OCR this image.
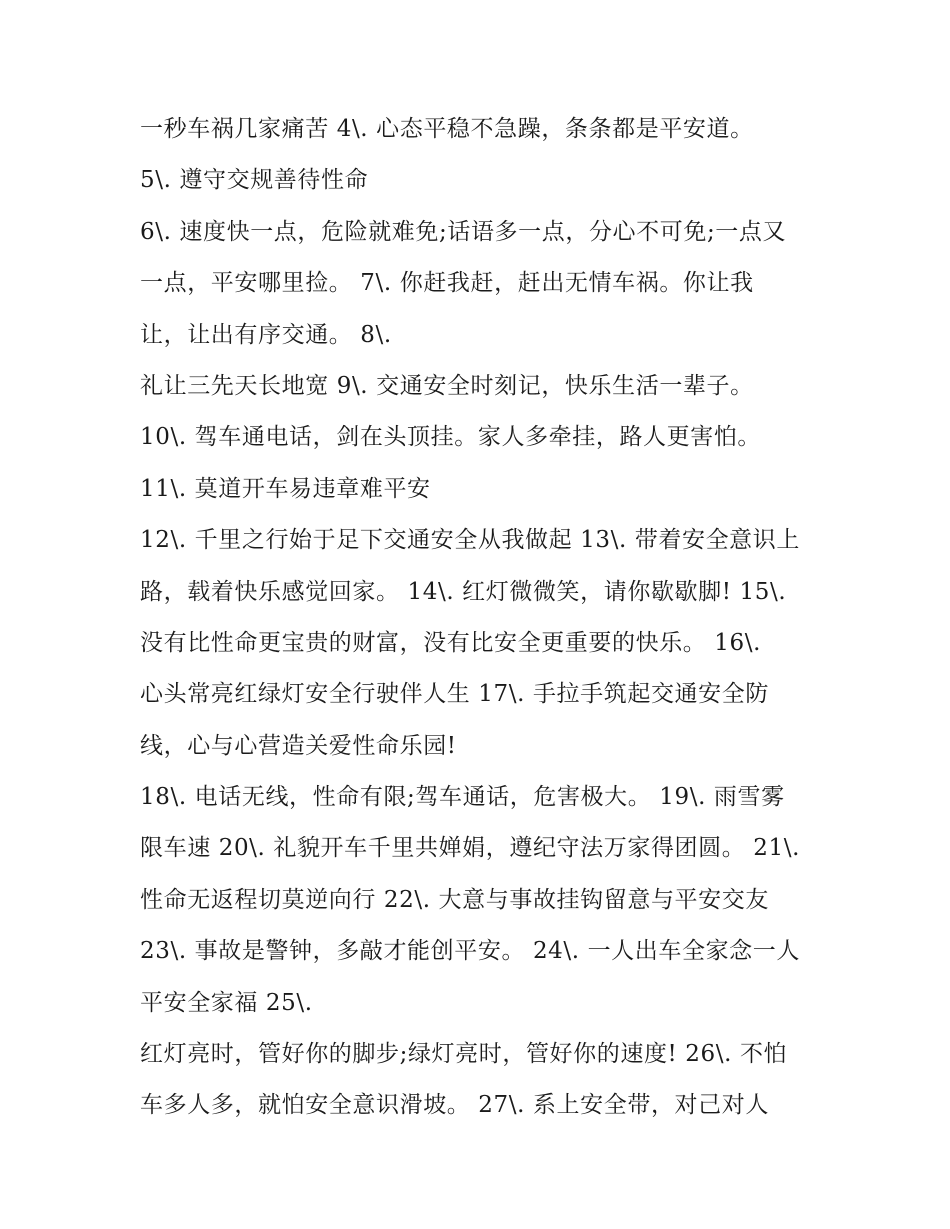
一秒车祸几家痛苦 4\. 心态平稳不急躁，条条都是平安道。
5\. 遵守交规善待性命
6\. 速度快一点，危险就难免;话语多一点，分心不可免;一点又
一点，平安哪里捡。 7\. 你赶我赶，赶出无情车祸。你让我
让，让出有序交通。 8\.
礼让三先天长地宽 9\. 交通安全时刻记，快乐生活一辈子。
10\. 驾车通电话，剑在头顶挂。家人多牵挂，路人更害怕。
11\. 莫道开车易违章难平安
12\. 千里之行始于足下交通安全从我做起 13\. 带着安全意识上
路，载着快乐感觉回家。 14\. 红灯微微笑，请你歇歇脚! 15\.
没有比性命更宝贵的财富，没有比安全更重要的快乐。 16\.
心头常亮红绿灯安全行驶伴人生 17\. 手拉手筑起交通安全防
线，心与心营造关爱性命乐园!
18\. 电话无线，性命有限;驾车通话，危害极大。 19\. 雨雪雾
限车速 20\. 礼貌开车千里共婵娟，遵纪守法万家得团圆。 21\.
性命无返程切莫逆向行 22\. 大意与事故挂钩留意与平安交友
23\. 事故是警钟，多敲才能创平安。 24\. 一人出车全家念一人
平安全家福 25\.
红灯亮时，管好你的脚步;绿灯亮时，管好你的速度! 26\. 不怕
车多人多，就怕安全意识滑坡。 27\. 系上安全带，对己对人
